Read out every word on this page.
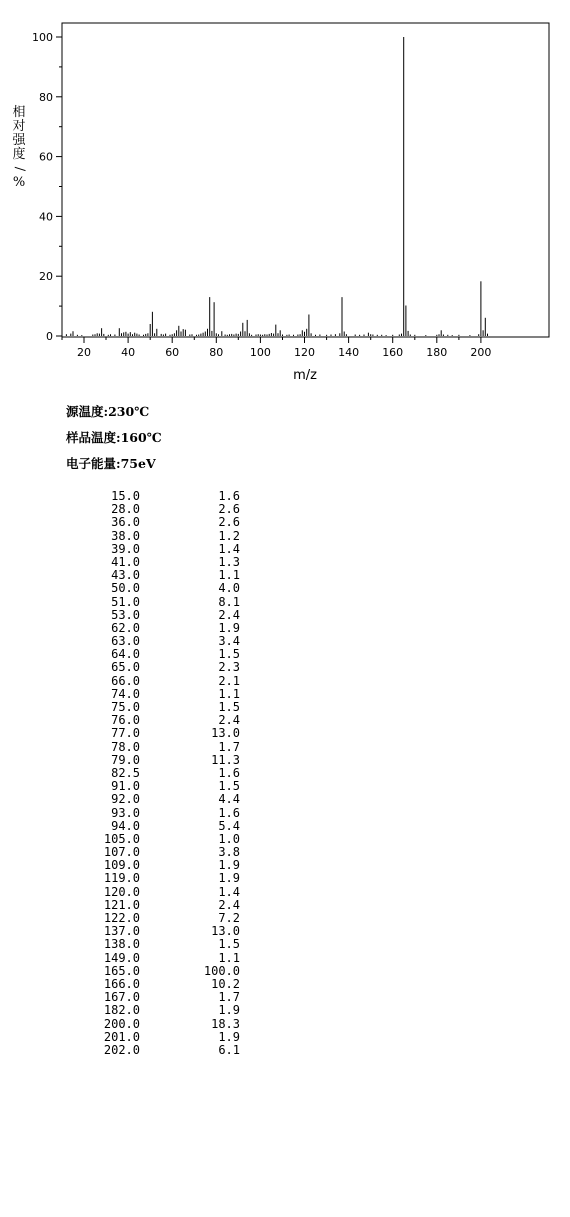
0
20
40
60
80
100
20	40	60	80 100 120 140 160 180 200
m/z
相
对
强
度
/
%
源温度:230℃
样品温度:160℃
电子能量:75eV
15.0	1.6
28.0	2.6
36.0	2.6
38.0	1.2
39.0	1.4
41.0	1.3
43.0	1.1
50.0	4.0
51.0	8.1
53.0	2.4
62.0	1.9
63.0	3.4
64.0	1.5
65.0	2.3
66.0	2.1
74.0	1.1
75.0	1.5
76.0	2.4
77.0	13.0
78.0	1.7
79.0	11.3
82.5	1.6
91.0	1.5
92.0	4.4
93.0	1.6
94.0	5.4
105.0	1.0
107.0	3.8
109.0	1.9
119.0	1.9
120.0	1.4
121.0	2.4
122.0	7.2
137.0	13.0
138.0	1.5
149.0	1.1
165.0	100.0
166.0	10.2
167.0	1.7
182.0	1.9
200.0	18.3
201.0	1.9
202.0	6.1
